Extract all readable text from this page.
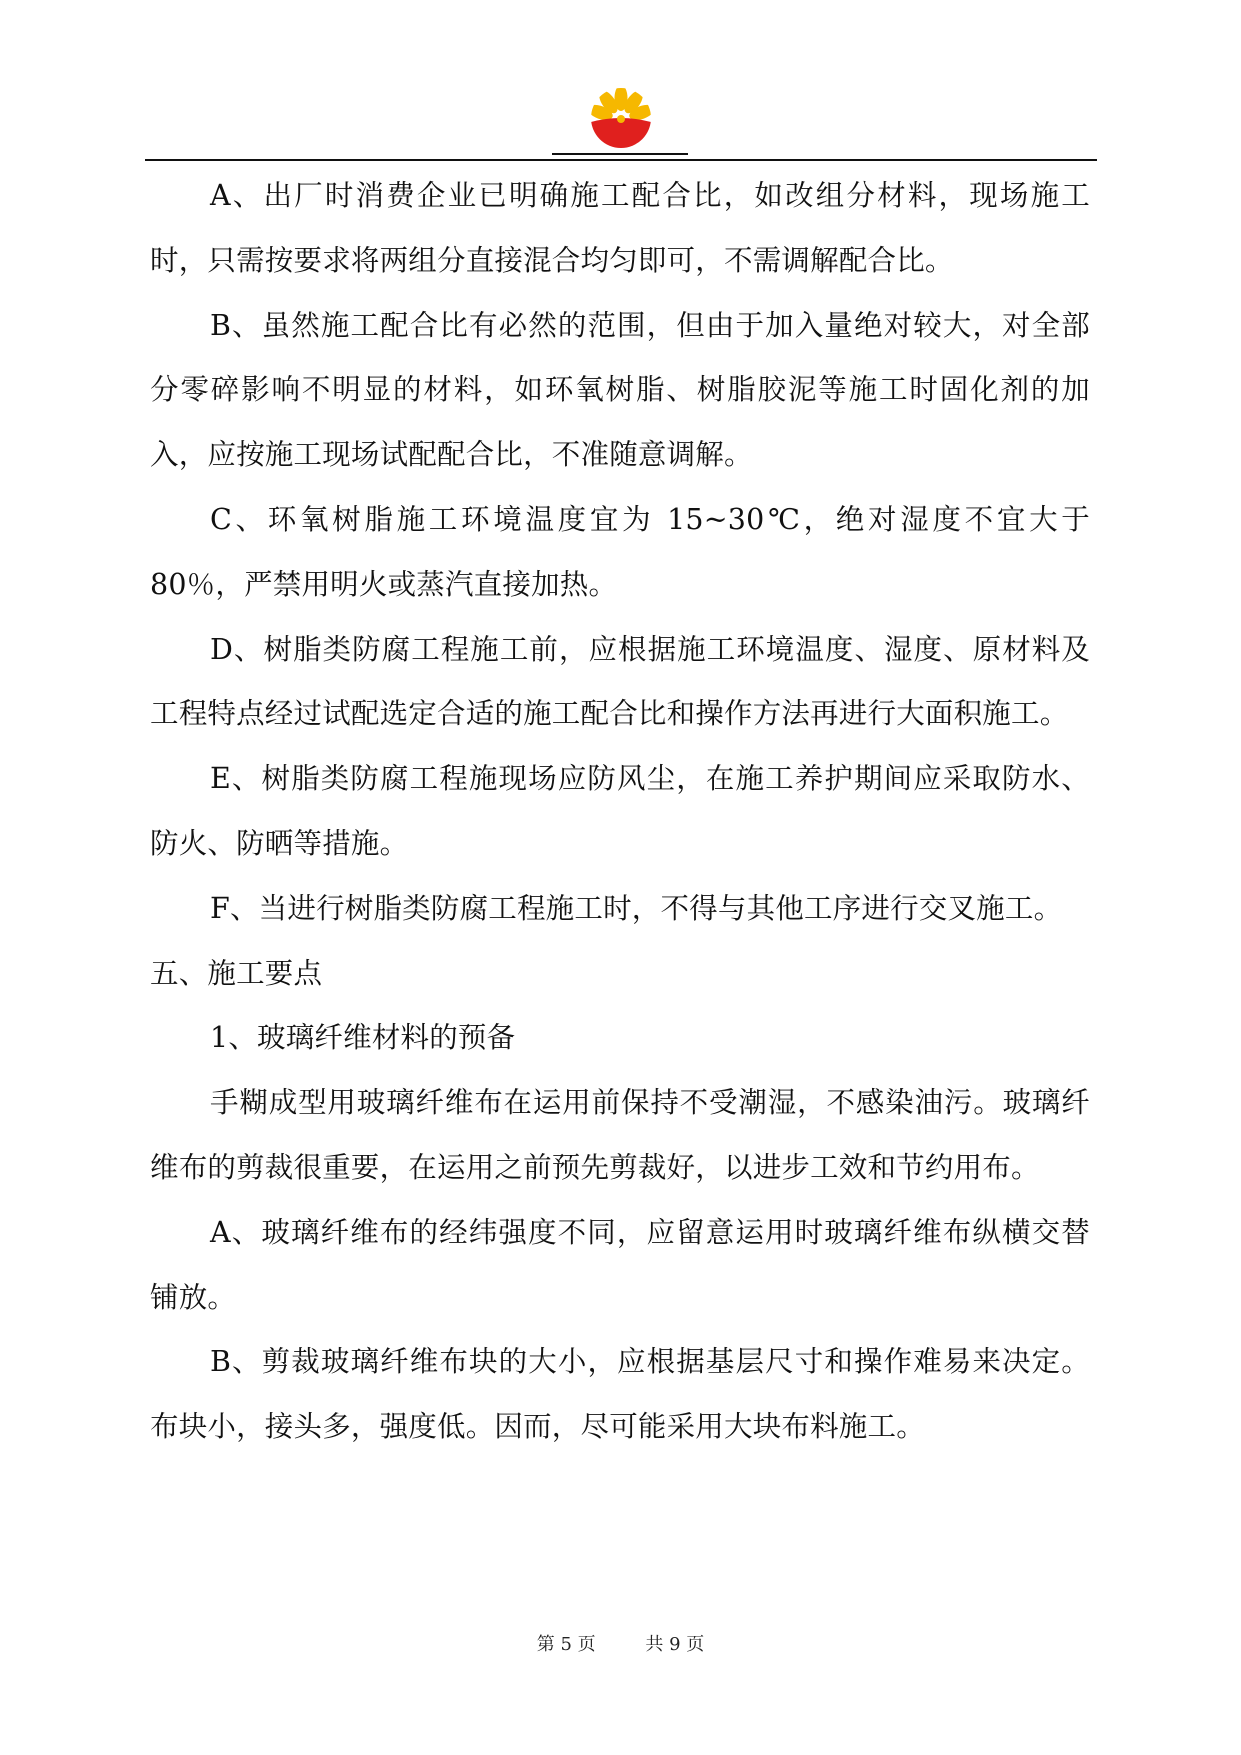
A、出厂时消费企业已明确施工配合比，如改组分材料，现场施工时，只需按要求将两组分直接混合均匀即可，不需调解配合比。

B、虽然施工配合比有必然的范围，但由于加入量绝对较大，对全部分零碎影响不明显的材料，如环氧树脂、树脂胶泥等施工时固化剂的加入，应按施工现场试配配合比，不准随意调解。

C、环氧树脂施工环境温度宜为 15~30℃，绝对湿度不宜大于 80％，严禁用明火或蒸汽直接加热。

D、树脂类防腐工程施工前，应根据施工环境温度、湿度、原材料及工程特点经过试配选定合适的施工配合比和操作方法再进行大面积施工。

E、树脂类防腐工程施现场应防风尘，在施工养护期间应采取防水、防火、防晒等措施。

F、当进行树脂类防腐工程施工时，不得与其他工序进行交叉施工。

五、施工要点

1、玻璃纤维材料的预备

手糊成型用玻璃纤维布在运用前保持不受潮湿，不感染油污。玻璃纤维布的剪裁很重要，在运用之前预先剪裁好，以进步工效和节约用布。

A、玻璃纤维布的经纬强度不同，应留意运用时玻璃纤维布纵横交替铺放。

B、剪裁玻璃纤维布块的大小，应根据基层尺寸和操作难易来决定。布块小，接头多，强度低。因而，尽可能采用大块布料施工。

第 5 页	共 9 页
